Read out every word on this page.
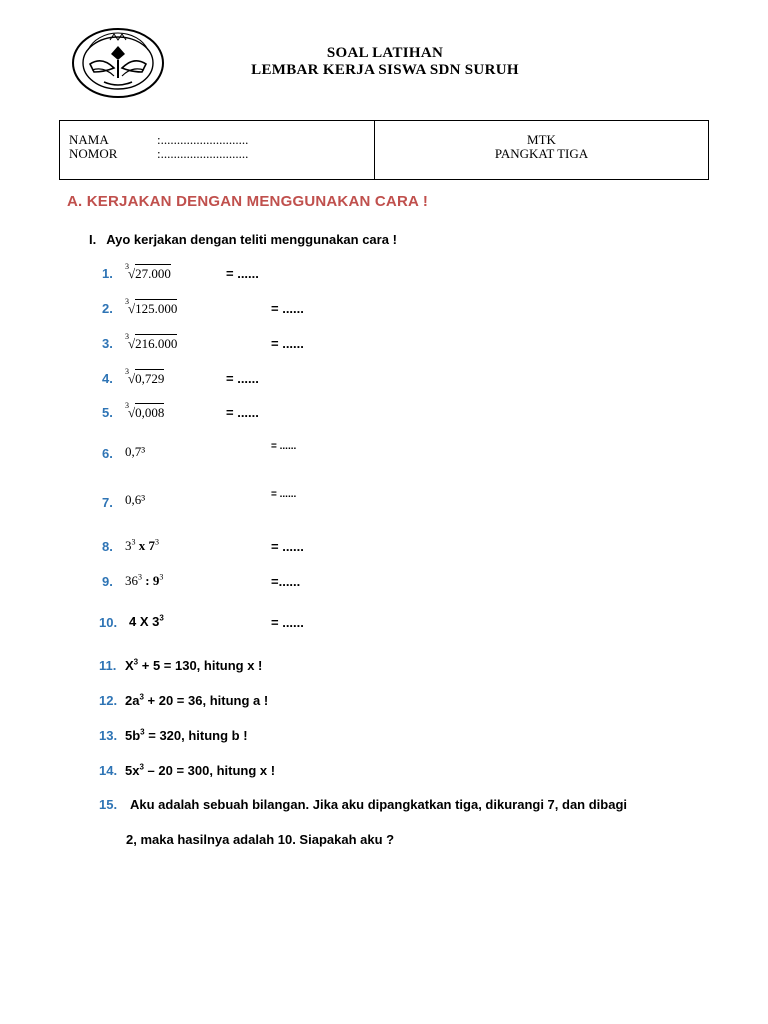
SOAL LATIHAN
LEMBAR KERJA SISWA SDN SURUH
NAMA	:...........................
NOMOR	:...........................
MTK
PANGKAT TIGA
A. KERJAKAN DENGAN MENGGUNAKAN CARA !
I. Ayo kerjakan dengan teliti menggunakan cara !
1. 3 √27.000	= ......
2. 3 √125.000	= ......
3. 3 √216.000	= ......
4. 3 √0,729	= ......
5. 3 √0,008	= ......
6. 0,7³	= ......
7. 0,6³	= ......
8. $3^3$ x $7^3$	= ......
9. $36^3$ : $9^3$	=......
10. 4 X $3^3$	= ......
11. $X^3 + 5 = 130$, hitung x !
12. $2a^3 + 20 = 36$, hitung a !
13. $5b^3 = 320$, hitung b !
14. $5x^3 - 20 = 300$, hitung x !
15. Aku adalah sebuah bilangan. Jika aku dipangkatkan tiga, dikurangi 7, dan dibagi
2, maka hasilnya adalah 10. Siapakah aku ?
